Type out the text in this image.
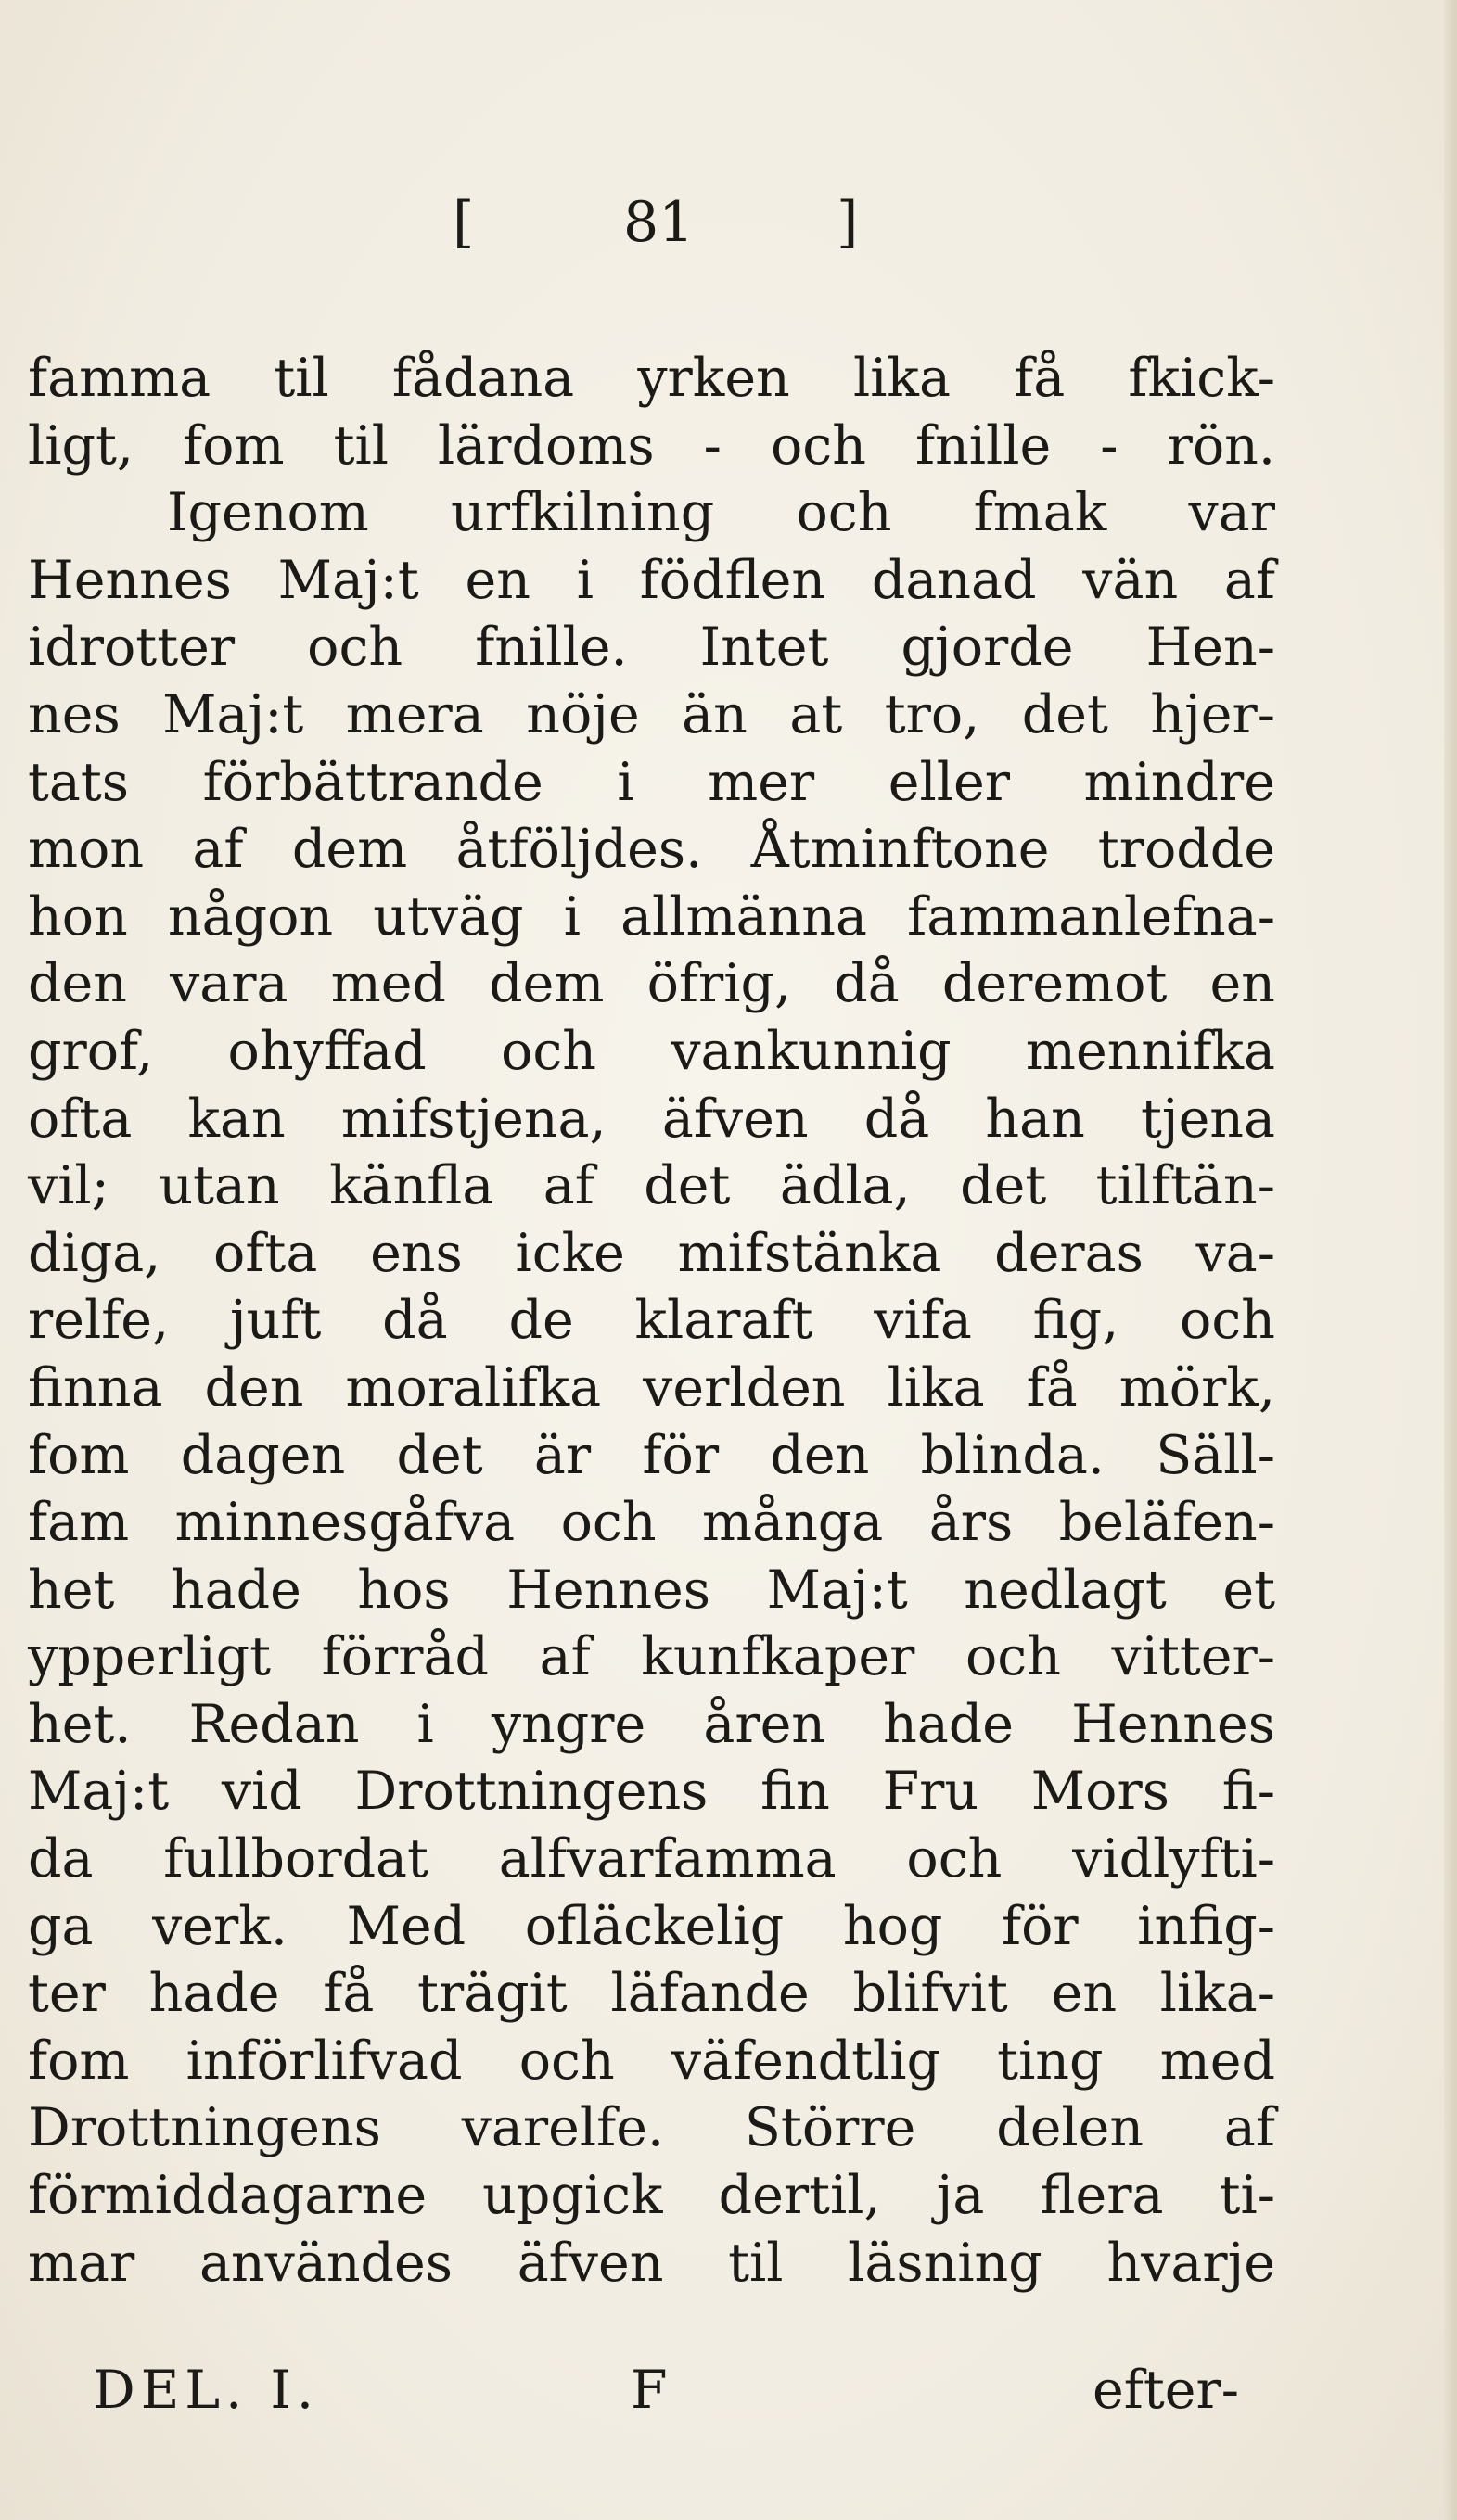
[	81	]
famma til fådana yrken lika få fkick-
ligt, fom til lärdoms - och fnille - rön.
Igenom urfkilning och fmak var
Hennes Maj:t en i födflen danad vän af
idrotter och fnille. Intet gjorde Hen-
nes Maj:t mera nöje än at tro, det hjer-
tats förbättrande i mer eller mindre
mon af dem åtföljdes. Åtminftone trodde
hon någon utväg i allmänna fammanlefna-
den vara med dem öfrig, då deremot en
grof, ohyffad och vankunnig mennifka
ofta kan mifstjena, äfven då han tjena
vil; utan känfla af det ädla, det tilftän-
diga, ofta ens icke mifstänka deras va-
relfe, juft då de klaraft vifa fig, och
finna den moralifka verlden lika få mörk,
fom dagen det är för den blinda. Säll-
fam minnesgåfva och många års beläfen-
het hade hos Hennes Maj:t nedlagt et
ypperligt förråd af kunfkaper och vitter-
het. Redan i yngre åren hade Hennes
Maj:t vid Drottningens fin Fru Mors fi-
da fullbordat alfvarfamma och vidlyfti-
ga verk. Med ofläckelig hog för infig-
ter hade få trägit läfande blifvit en lika-
fom införlifvad och väfendtlig ting med
Drottningens varelfe. Större delen af
förmiddagarne upgick dertil, ja flera ti-
mar användes äfven til läsning hvarje
DEL. I.	F	efter-
